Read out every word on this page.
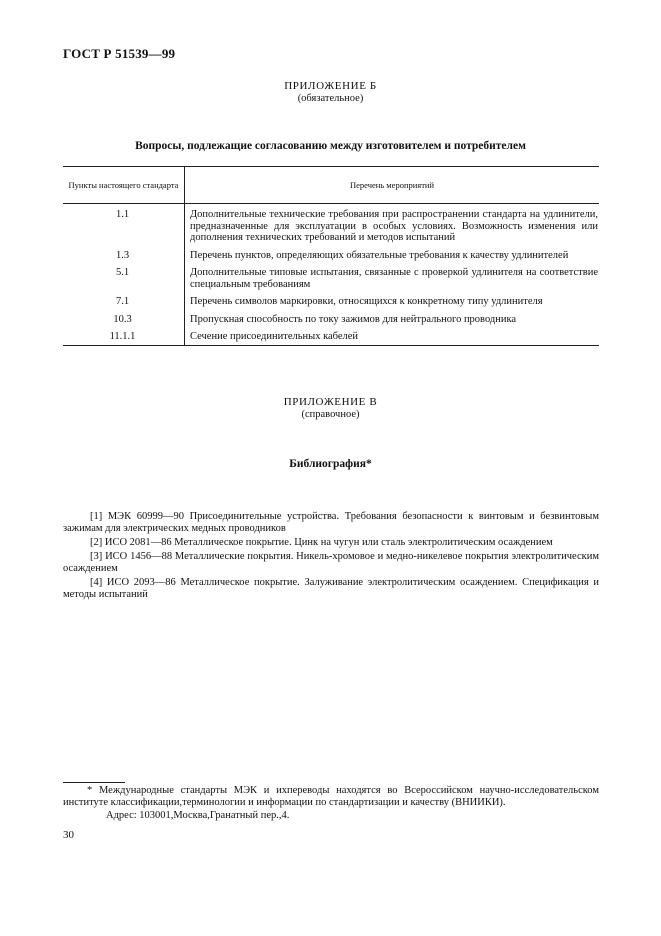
ГОСТ Р 51539—99
ПРИЛОЖЕНИЕ Б
(обязательное)
Вопросы, подлежащие согласованию между изготовителем и потребителем
Пункты настоящего стандарта	Перечень мероприятий
1.1	Дополнительные технические требования при распространении стандарта на удлинители, предназначенные для эксплуатации в особых условиях. Возможность изменения или дополнения технических требований и методов испытаний
1.3	Перечень пунктов, определяющих обязательные требования к качеству удлинителей
5.1	Дополнительные типовые испытания, связанные с проверкой удлинителя на соответствие специальным требованиям
7.1	Перечень символов маркировки, относящихся к конкретному типу удлинителя
10.3	Пропускная способность по току зажимов для нейтрального проводника
11.1.1	Сечение присоединительных кабелей
ПРИЛОЖЕНИЕ В
(справочное)
Библиография*

[1] МЭК 60999—90 Присоединительные устройства. Требования безопасности к винтовым и безвинтовым зажимам для электрических медных проводников

[2] ИСО 2081—86 Металлическое покрытие. Цинк на чугун или сталь электролитическим осаждением

[3] ИСО 1456—88 Металлические покрытия. Никель-хромовое и медно-никелевое покрытия электролитическим осаждением

[4] ИСО 2093—86 Металлическое покрытие. Залуживание электролитическим осаждением. Спецификация и методы испытаний

* Международные стандарты МЭК и ихпереводы находятся во Всероссийском научно-исследовательском институте классификации,терминологии и информации по стандартизации и качеству (ВНИИКИ).

Адрес: 103001,Москва,Гранатный пер.,4.

30
